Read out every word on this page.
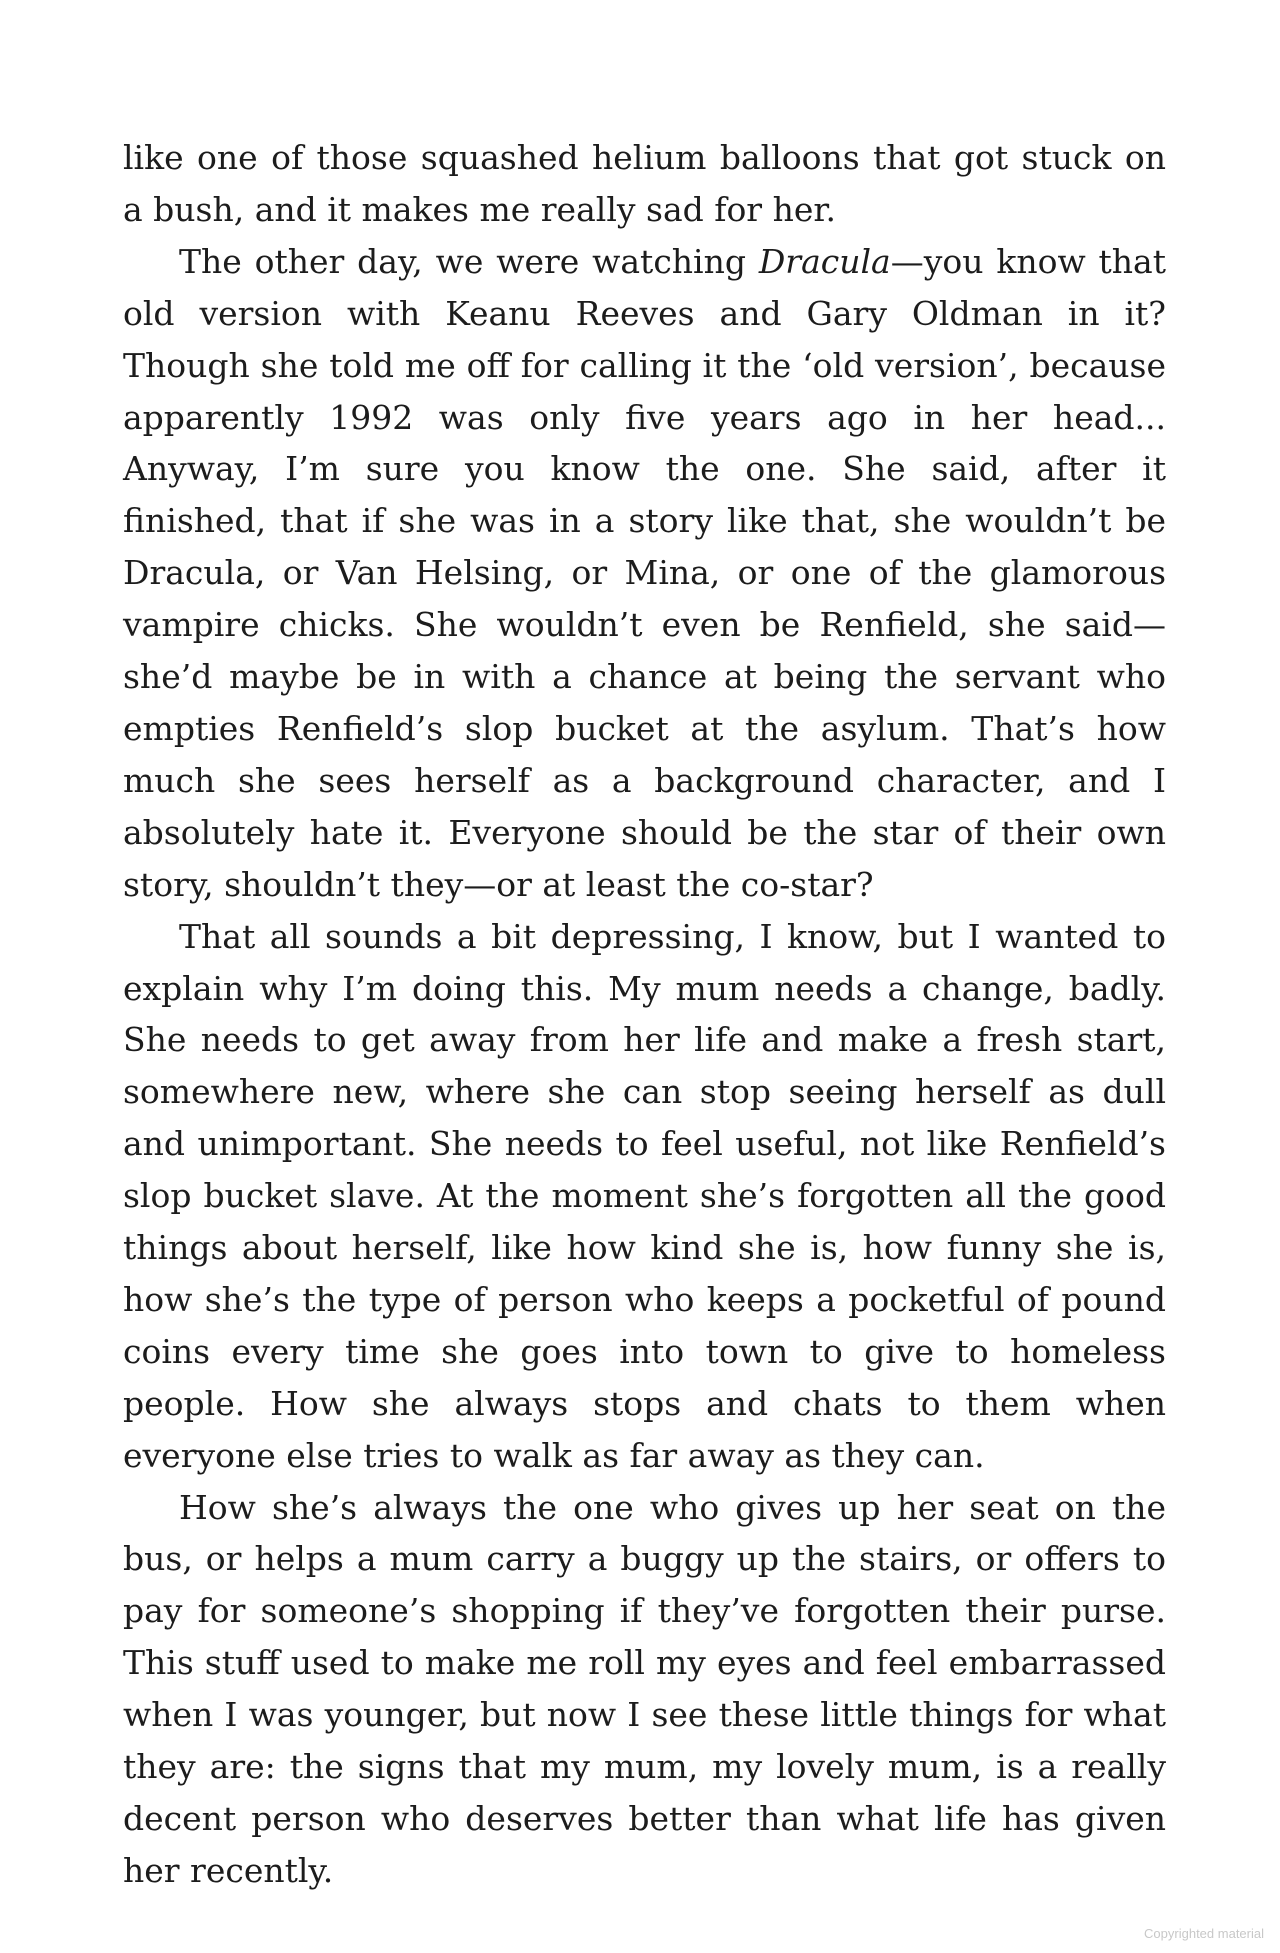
like one of those squashed helium balloons that got stuck on a bush, and it makes me really sad for her.

The other day, we were watching Dracula—you know that old version with Keanu Reeves and Gary Oldman in it? Though she told me off for calling it the ‘old version’, because apparently 1992 was only five years ago in her head... Anyway, I’m sure you know the one. She said, after it finished, that if she was in a story like that, she wouldn’t be Dracula, or Van Helsing, or Mina, or one of the glamorous vampire chicks. She wouldn’t even be Renfield, she said—she’d maybe be in with a chance at being the servant who empties Renfield’s slop bucket at the asylum. That’s how much she sees herself as a background character, and I absolutely hate it. Everyone should be the star of their own story, shouldn’t they—or at least the co-star?

That all sounds a bit depressing, I know, but I wanted to explain why I’m doing this. My mum needs a change, badly. She needs to get away from her life and make a fresh start, somewhere new, where she can stop seeing herself as dull and unimportant. She needs to feel useful, not like Renfield’s slop bucket slave. At the moment she’s forgotten all the good things about herself, like how kind she is, how funny she is, how she’s the type of person who keeps a pocketful of pound coins every time she goes into town to give to homeless people. How she always stops and chats to them when everyone else tries to walk as far away as they can.

How she’s always the one who gives up her seat on the bus, or helps a mum carry a buggy up the stairs, or offers to pay for someone’s shopping if they’ve forgotten their purse. This stuff used to make me roll my eyes and feel embarrassed when I was younger, but now I see these little things for what they are: the signs that my mum, my lovely mum, is a really decent person who deserves better than what life has given her recently.

Copyrighted material
